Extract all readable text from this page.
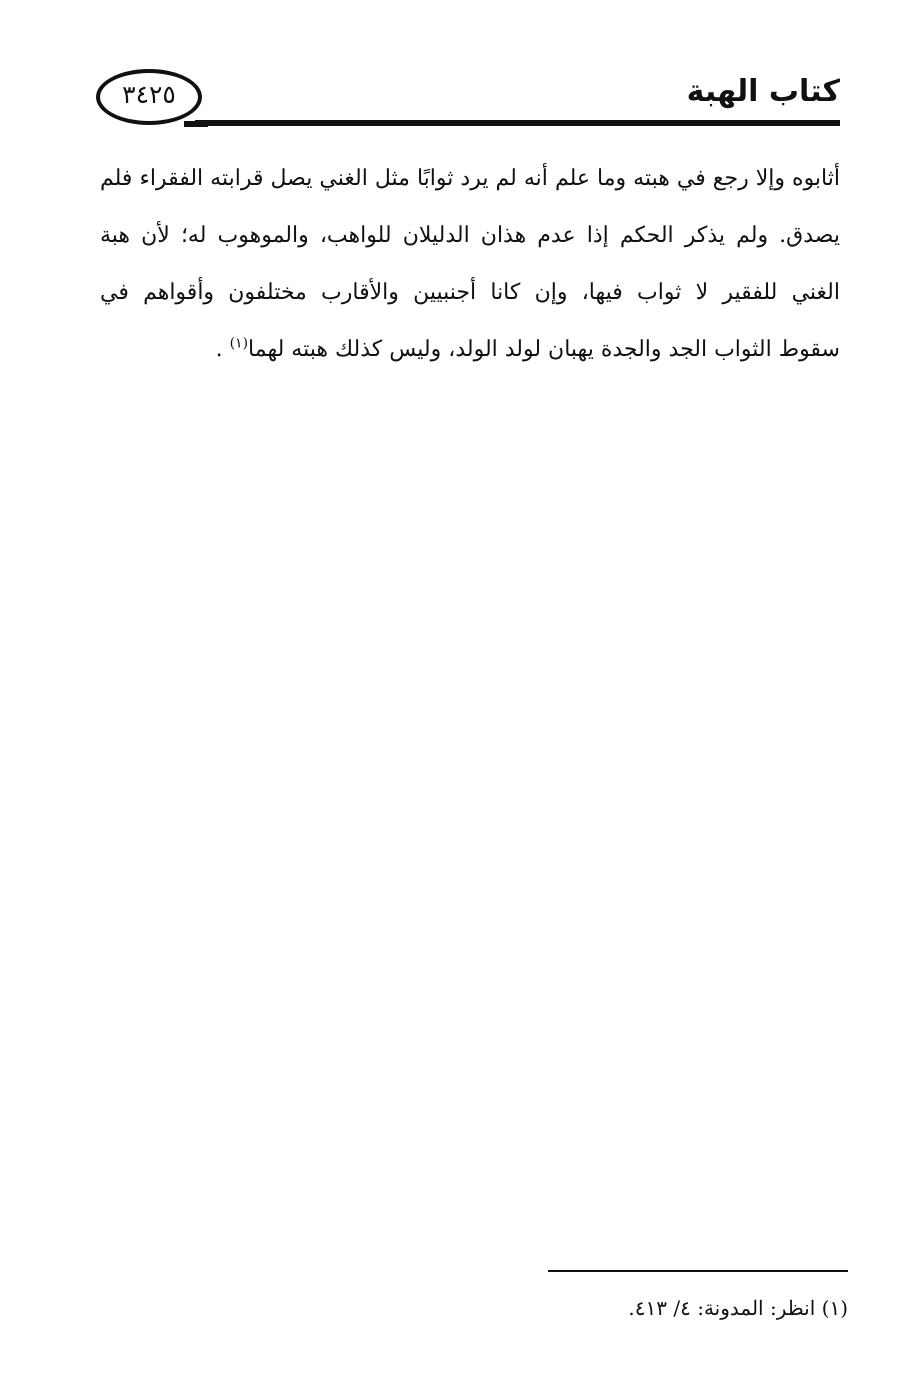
كتاب الهبة
٣٤٢٥
أثابوه وإلا رجع في هبته وما علم أنه لم يرد ثوابًا مثل الغني يصل قرابته الفقراء فلم
يصدق. ولم يذكر الحكم إذا عدم هذان الدليلان للواهب، والموهوب له؛ لأن هبة
الغني للفقير لا ثواب فيها، وإن كانا أجنبيين والأقارب مختلفون وأقواهم في
سقوط الثواب الجد والجدة يهبان لولد الولد، وليس كذلك هبته لهما$^{(١)}$ .
(١) انظر: المدونة: ٤/ ٤١٣.
